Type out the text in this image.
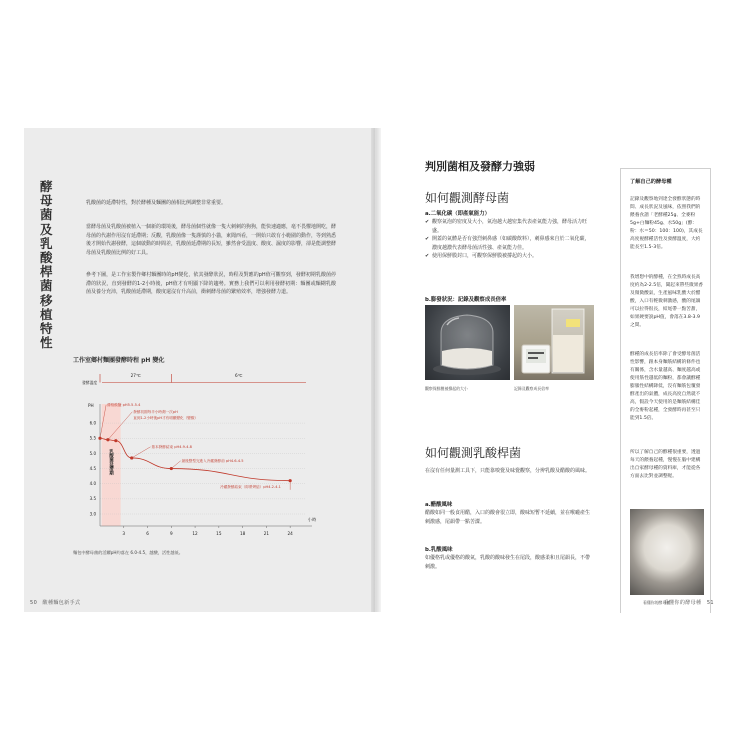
酵母菌及乳酸桿菌移植特性
乳酸菌的延滯特性，對於酵種及麵團的菌相比例調整非常重要。
當酵母菌及乳酸菌被植入一個新的環境後，酵母菌個性就像一隻大刺刺的狗狗，能快速適應，毫不畏懼地開吃，酵母菌的代謝作用沒有延滯期；反觀，乳酸菌像一隻謹慎的小貓，東聞西看，一開始只敢有小範圍的動作，等到熟悉後才開始代謝發酵，這個啟動的時間差，乳酸菌延滯期的長短，雖然會受溫度、酸度、濕度的影響，卻是能調整酵母菌及乳酸菌比例的好工具。
參考下圖，是工作室製作鄉村麵團時的pH變化，依其發酵狀況，時程及對應的pH值可觀察到，發酵初期乳酸菌停滯的狀況，直到發酵的1-2小時後，pH值才有明顯下降的趨勢。實務上我們可以利用發酵初期：麵團或麵糊乳酸菌及養分充沛，乳酸菌延滯期，酸度還沒有升高前，衝刺酵母菌的繁殖效率，增強發酵力道。
工作室鄉村麵團發酵時程 pH 變化
發酵溫度
27℃	6℃
乳酸菌延滯期
PH
3.0
3.5
4.0
4.5
5.0
5.5
6.0
3	6	9	12	15	18	21	24
小時
優格酸鹽 pH5.5-5.4
發酵初期每半小時測一次pH
直到1-2小時後pH才有明顯變化（變酸）
基本發酵結束 pH4.9-4.8
最後整型完進入冷藏發酵前 pH4.6-4.5
冷藏發酵結束（即將烤焙）pH4.2-4.1
麵包中酵母菌的活躍pH約落在 6.0-4.5，越酸，活性越低。
50　酸種麵包新手式
判別菌相及發酵力強弱
如何觀測酵母菌
a.二氧化碳（即產氣能力）
✔ 觀察氣泡的密度及大小，氣泡越大越密集代表產氣能力強，酵母活力旺盛。
✔ 開蓋的氣體是否有強烈刺鼻感（如碳酸飲料），刺鼻感來自於二氧化碳，濃度越濃代表酵母菌活性強、產氣能力佳。
✔ 使用保鮮膜封口，可觀察保鮮膜被撐起的大小。
b.膨發狀況：記錄及觀察成長倍率
觀察保鮮膜被撐起的大小	記錄及觀察成長倍率
如何觀測乳酸桿菌
在沒有任何量測工具下，只能靠嗅覺及味覺觀察，分辨乳酸及醋酸的風味。
a.醋酸風味
醋酸如同一般食用醋，入口的酸會很立即，酸味短暫不延續，並在喉嚨產生刺激感，尾韻帶一點苦澀。
b.乳酸風味
如優格乳或優格的酸氣，乳酸的酸味發生在尾段，酸感柔和且尾韻長，不帶刺激。
了解自己的酵母種
記錄及觀察地到達全發酵狀態的時間、成長狀況及風味，依照我們的餵養食譜「老酵種25g、全麥粉5g+白麵粉45g、水50g」(酵：粉：水＝50：100：100)，其成長高度視酵種活性及發酵溫度，大約能長至1.5-3倍。
我增想中的酵種，在全熟時成長高度約為2-2.5倍，聞起來帶些微果香及微微酸氣，生產風味乳酸大於醋酸，入口有輕微刺激感，酸的尾韻可以拉得很長，結尾帶一點苦甜，如果硬要說pH值，會落在3.8-3.9之間。
酵種的成長倍率除了會受酵母菌活性影響，跟本身麵筋結構的條件也有關係，含水量越高、麵度越高或使用筋性越低的麵粉，都會讓酵種膨脹性結構降低，沒有麵筋包覆發酵產出的氣體，成長高度自然就不高，假設今天使用的是麵筋結構佳的全麥粉起種，全發酵時再甚至只能到1.5倍。
所以了解自己的酵種很重要，透過每天的餵養起種，慢慢在腦中建構出自家酵母種的資料庫，才能從各方面去比對並調整喔。
看懂你的酵母種
看懂你的酵母種　51
